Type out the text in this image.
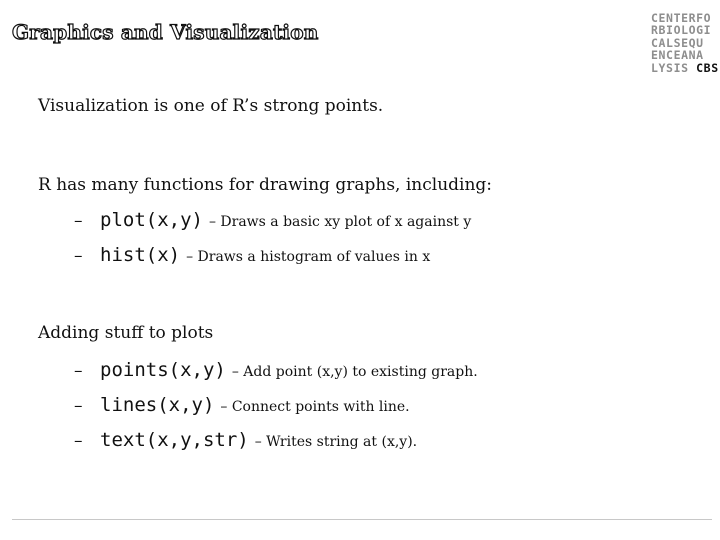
Graphics and Visualization
CENTERFO
RBIOLOGI
CALSEQU
ENCEANA
LYSIS CBS
Visualization is one of R’s strong points.
R has many functions for drawing graphs, including:
– plot(x,y) – Draws a basic xy plot of x against y
– hist(x) – Draws a histogram of values in x
Adding stuff to plots
– points(x,y) – Add point (x,y) to existing graph.
– lines(x,y) – Connect points with line.
– text(x,y,str) – Writes string at (x,y).
